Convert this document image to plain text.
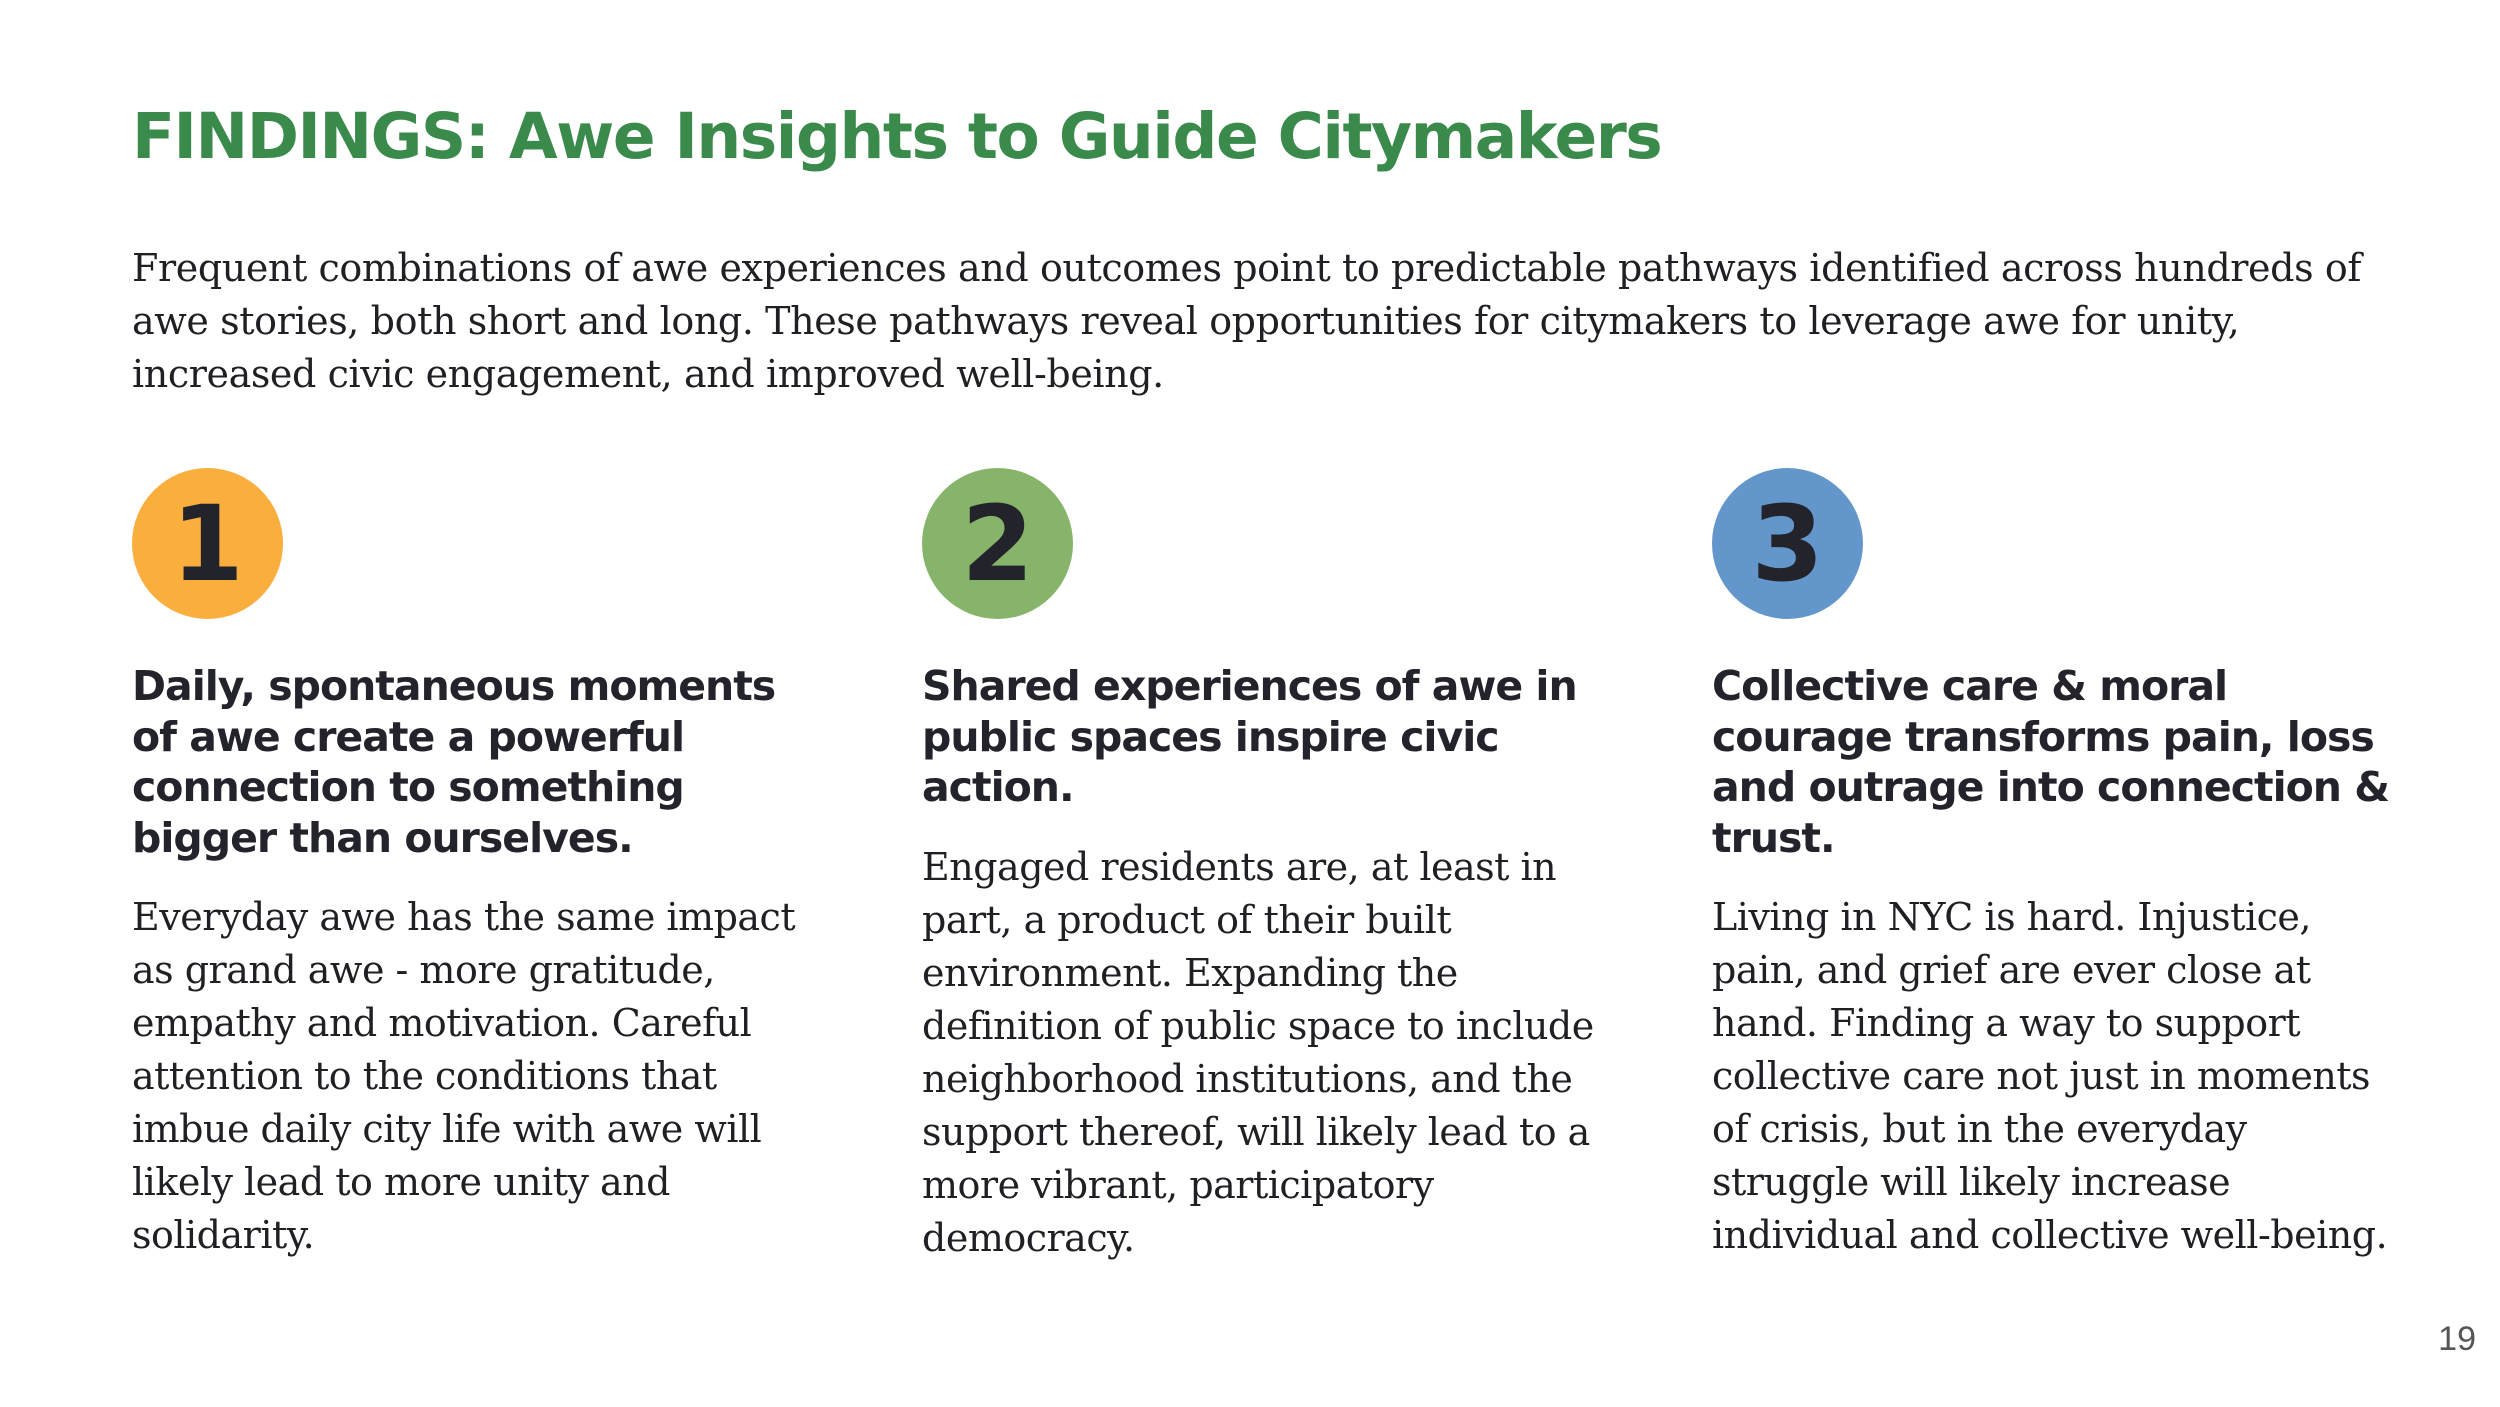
FINDINGS: Awe Insights to Guide Citymakers

Frequent combinations of awe experiences and outcomes point to predictable pathways identified across hundreds of awe stories, both short and long. These pathways reveal opportunities for citymakers to leverage awe for unity, increased civic engagement, and improved well-being.

1
Daily, spontaneous moments of awe create a powerful connection to something bigger than ourselves.

Everyday awe has the same impact as grand awe - more gratitude, empathy and motivation. Careful attention to the conditions that imbue daily city life with awe will likely lead to more unity and solidarity.

2
Shared experiences of awe in public spaces inspire civic action.

Engaged residents are, at least in part, a product of their built environment. Expanding the definition of public space to include neighborhood institutions, and the support thereof, will likely lead to a more vibrant, participatory democracy.

3
Collective care & moral courage transforms pain, loss and outrage into connection & trust.

Living in NYC is hard. Injustice, pain, and grief are ever close at hand. Finding a way to support collective care not just in moments of crisis, but in the everyday struggle will likely increase individual and collective well-being.

19
